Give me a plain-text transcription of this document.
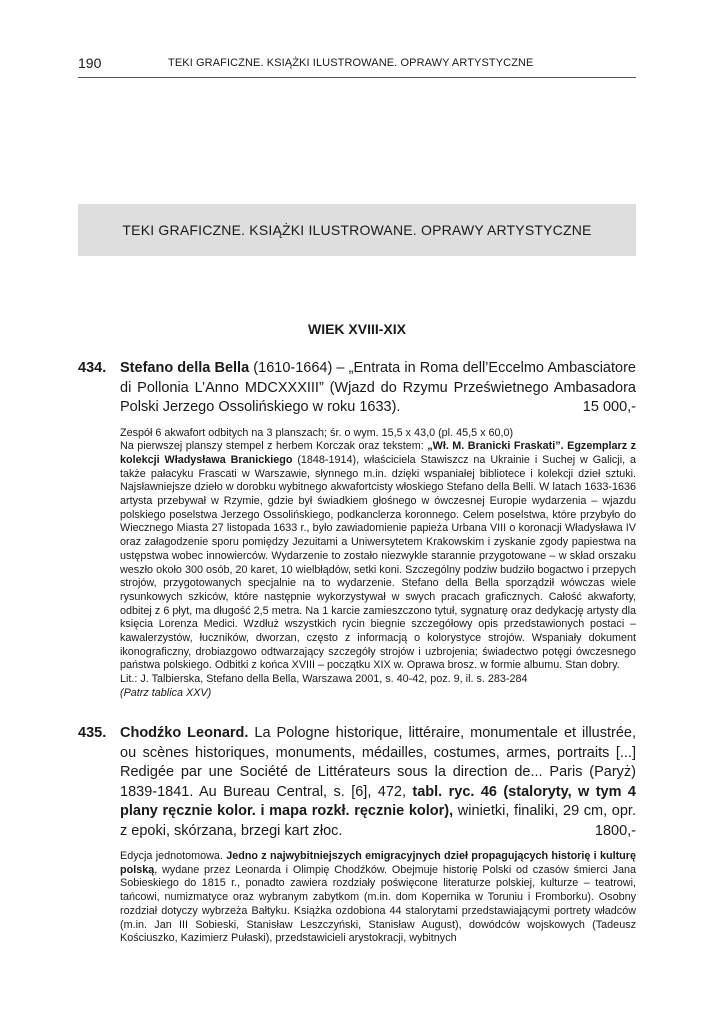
190	TEKI GRAFICZNE. KSIĄŻKI ILUSTROWANE. OPRAWY ARTYSTYCZNE
TEKI GRAFICZNE. KSIĄŻKI ILUSTROWANE. OPRAWY ARTYSTYCZNE
WIEK XVIII-XIX
434. Stefano della Bella (1610-1664) – „Entrata in Roma dell’Eccelmo Ambasciatore di Pollonia L’Anno MDCXXXIII” (Wjazd do Rzymu Prześwietnego Ambasadora Polski Jerzego Ossolińskiego w roku 1633).	15 000,-

Zespół 6 akwafort odbitych na 3 planszach; śr. o wym. 15,5 x 43,0 (pl. 45,5 x 60,0)

Na pierwszej planszy stempel z herbem Korczak oraz tekstem: „Wł. M. Branicki Fraskati”. Egzemplarz z kolekcji Władysława Branickiego (1848-1914), właściciela Stawiszcz na Ukrainie i Suchej w Galicji, a także pałacyku Frascati w Warszawie, słynnego m.in. dzięki wspaniałej bibliotece i kolekcji dzieł sztuki. Najsławniejsze dzieło w dorobku wybitnego akwafortcisty włoskiego Stefano della Belli. W latach 1633-1636 artysta przebywał w Rzymie, gdzie był świadkiem głośnego w ówczesnej Europie wydarzenia – wjazdu polskiego poselstwa Jerzego Ossolińskiego, podkanclerza koronnego. Celem poselstwa, które przybyło do Wiecznego Miasta 27 listopada 1633 r., było zawiadomienie papieża Urbana VIII o koronacji Władysława IV oraz załagodzenie sporu pomiędzy Jezuitami a Uniwersytetem Krakowskim i zyskanie zgody papiestwa na ustępstwa wobec innowierców. Wydarzenie to zostało niezwykle starannie przygotowane – w skład orszaku weszło około 300 osób, 20 karet, 10 wielbłądów, setki koni. Szczególny podziw budziło bogactwo i przepych strojów, przygotowanych specjalnie na to wydarzenie. Stefano della Bella sporządził wówczas wiele rysunkowych szkiców, które następnie wykorzystywał w swych pracach graficznych. Całość akwaforty, odbitej z 6 płyt, ma długość 2,5 metra. Na 1 karcie zamieszczono tytuł, sygnaturę oraz dedykację artysty dla księcia Lorenza Medici. Wzdłuż wszystkich rycin biegnie szczegółowy opis przedstawionych postaci – kawalerzystów, łuczników, dworzan, często z informacją o kolorystyce strojów. Wspaniały dokument ikonograficzny, drobiazgowo odtwarzający szczegóły strojów i uzbrojenia; świadectwo potęgi ówczesnego państwa polskiego. Odbitki z końca XVIII – początku XIX w. Oprawa brosz. w formie albumu. Stan dobry.

Lit.: J. Talbierska, Stefano della Bella, Warszawa 2001, s. 40-42, poz. 9, il. s. 283-284

(Patrz tablica XXV)

435. Chodźko Leonard. La Pologne historique, littéraire, monumentale et illustrée, ou scènes historiques, monuments, médailles, costumes, armes, portraits [...] Redigée par une Société de Littérateurs sous la direction de... Paris (Paryż) 1839-1841. Au Bureau Central, s. [6], 472, tabl. ryc. 46 (staloryty, w tym 4 plany ręcznie kolor. i mapa rozkł. ręcznie kolor), winietki, finaliki, 29 cm, opr. z epoki, skórzana, brzegi kart złoc.	1800,-

Edycja jednotomowa. Jedno z najwybitniejszych emigracyjnych dzieł propagujących historię i kulturę polską, wydane przez Leonarda i Olimpię Chodźków. Obejmuje historię Polski od czasów śmierci Jana Sobieskiego do 1815 r., ponadto zawiera rozdziały poświęcone literaturze polskiej, kulturze – teatrowi, tańcowi, numizmatyce oraz wybranym zabytkom (m.in. dom Kopernika w Toruniu i Fromborku). Osobny rozdział dotyczy wybrzeża Bałtyku. Książka ozdobiona 44 stalorytami przedstawiającymi portrety władców (m.in. Jan III Sobieski, Stanisław Leszczyński, Stanisław August), dowódców wojskowych (Tadeusz Kościuszko, Kazimierz Pułaski), przedstawicieli arystokracji, wybitnych
